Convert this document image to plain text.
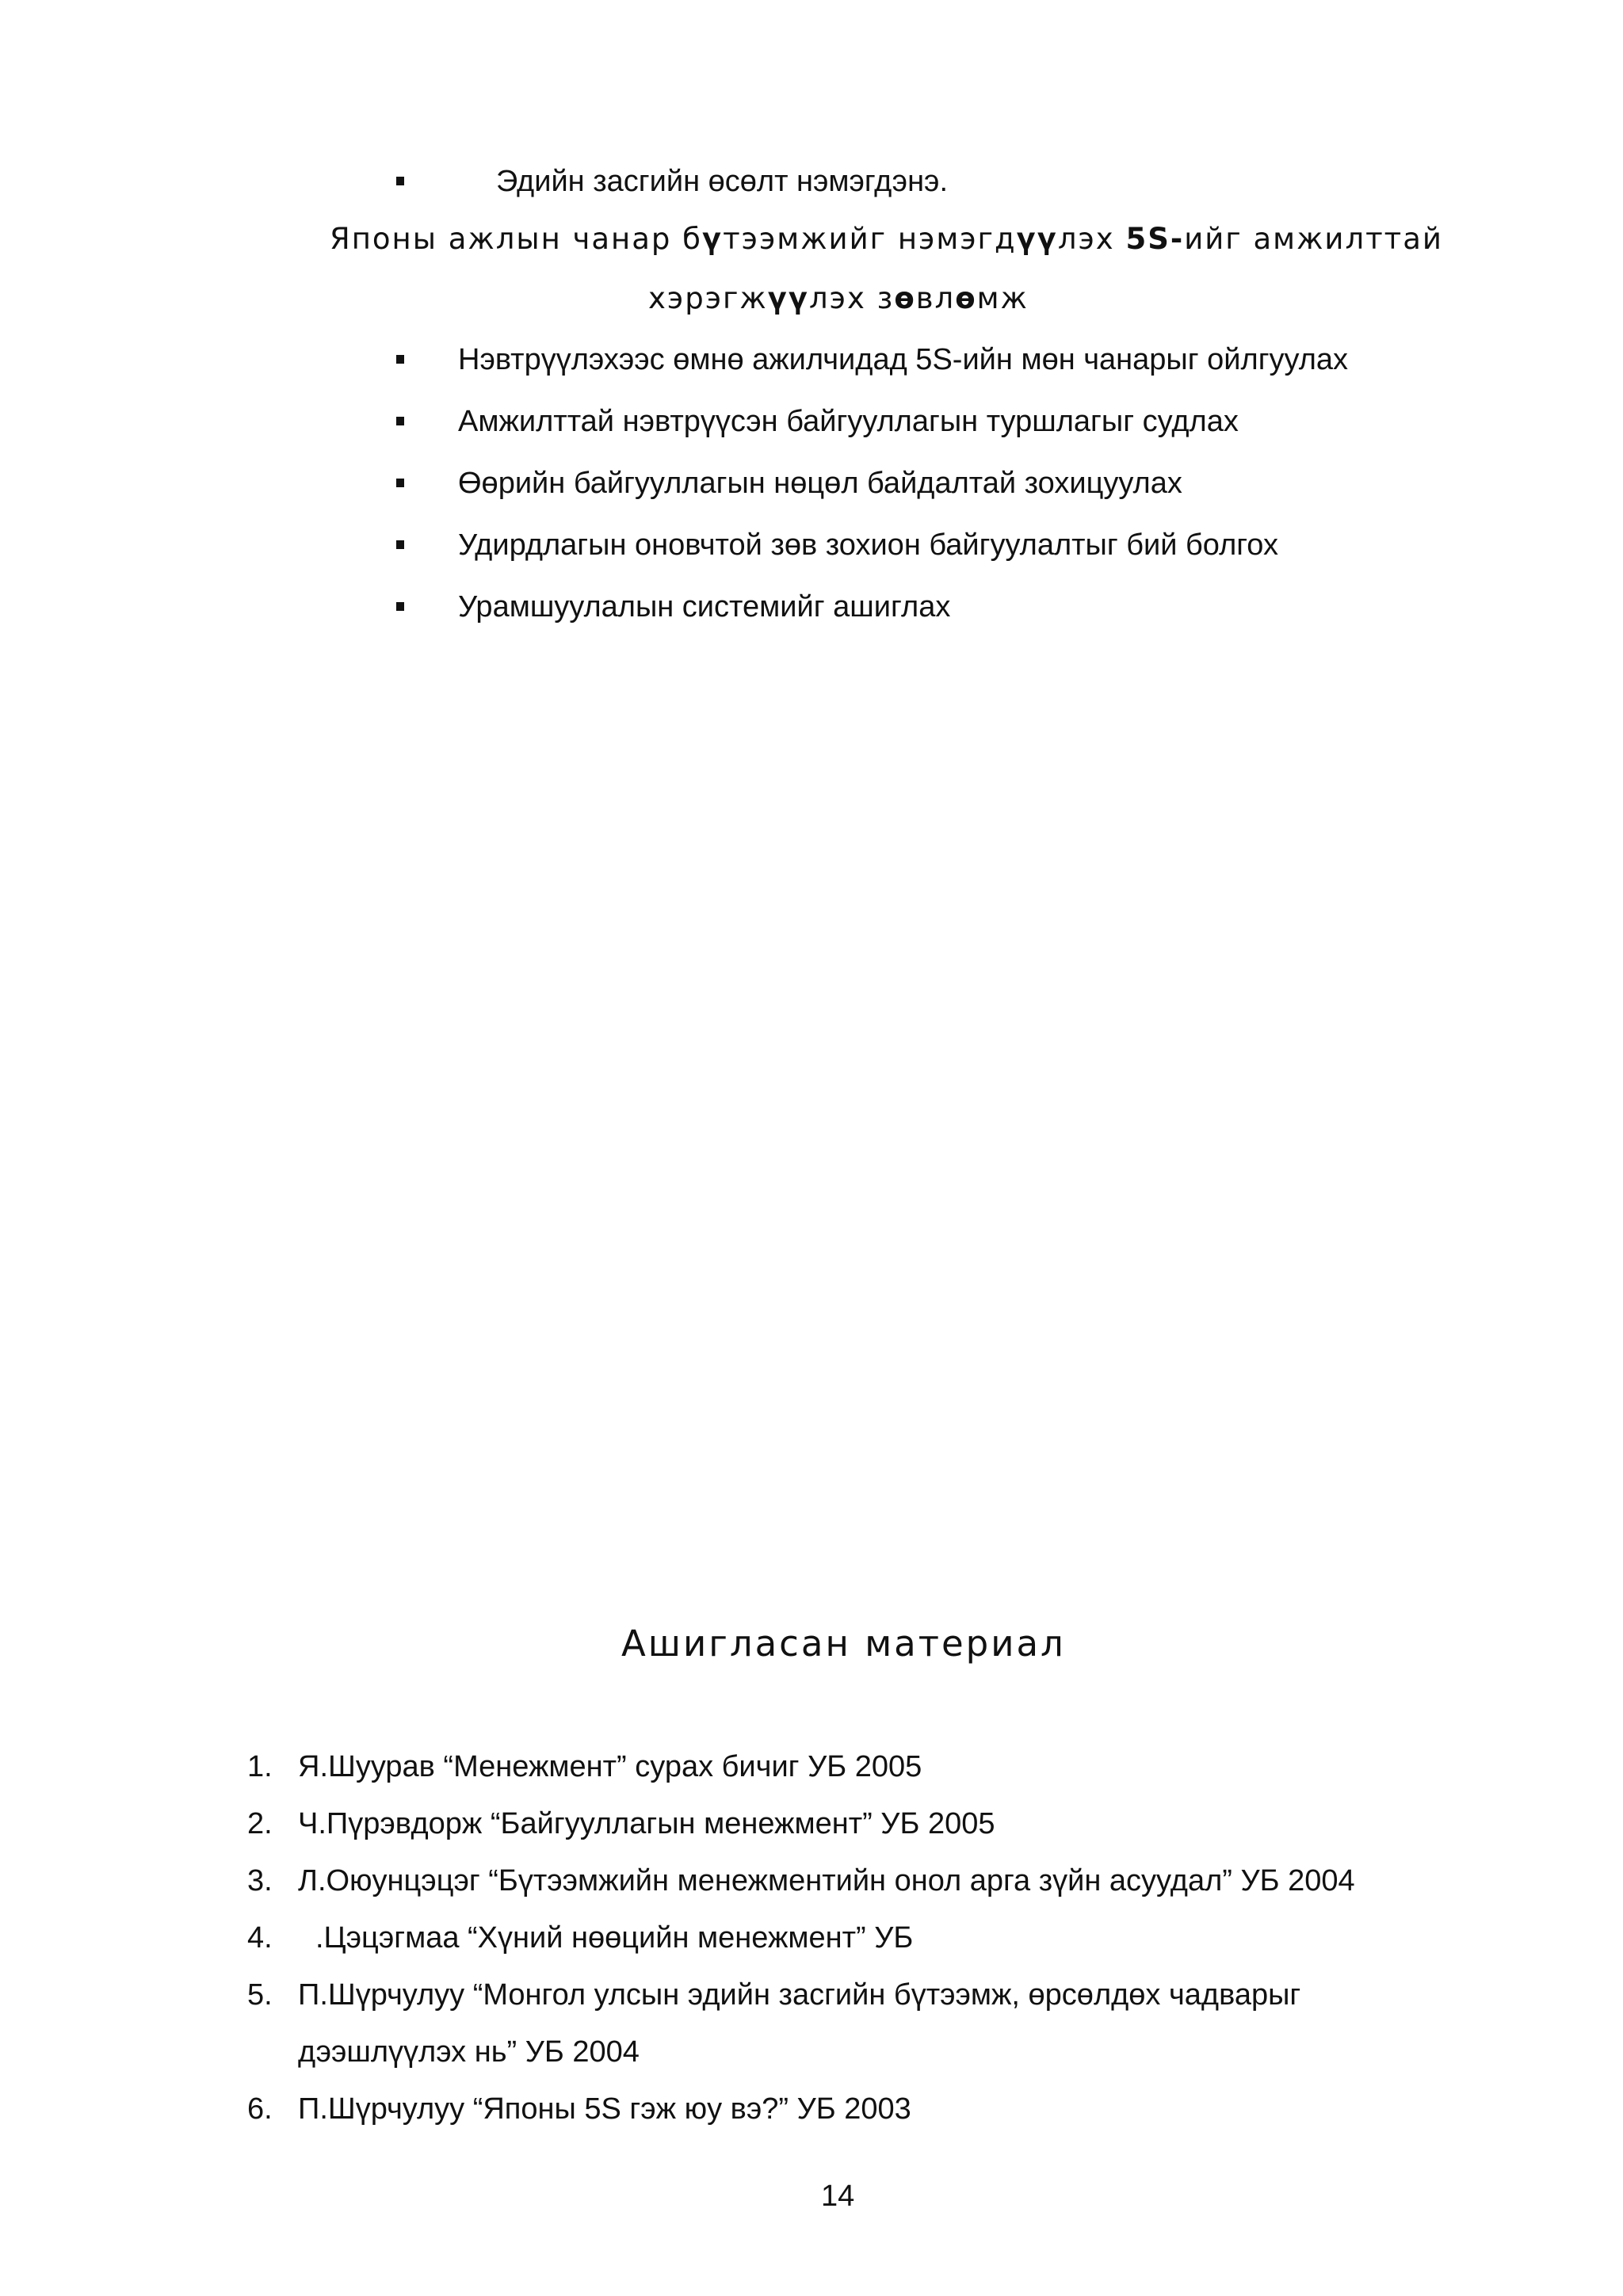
Эдийн засгийн өсөлт нэмэгдэнэ.
Японы ажлын чанар бүтээмжийг нэмэгдүүлэх 5S-ийг амжилттай
хэрэгжүүлэх зөвлөмж
Нэвтрүүлэхээс өмнө ажилчидад 5S-ийн мөн чанарыг ойлгуулах
Амжилттай нэвтрүүсэн байгууллагын туршлагыг судлах
Өөрийн байгууллагын нөцөл байдалтай зохицуулах
Удирдлагын оновчтой зөв зохион байгуулалтыг бий болгох
Урамшуулалын системийг ашиглах
Ашигласан материал
1. Я.Шуурав “Менежмент” сурах бичиг УБ 2005
2. Ч.Пүрэвдорж “Байгууллагын менежмент” УБ 2005
3. Л.Оюунцэцэг “Бүтээмжийн менежментийн онол арга зүйн асуудал” УБ 2004
4. .Цэцэгмаа “Хүний нөөцийн менежмент” УБ
5. П.Шүрчулуу “Монгол улсын эдийн засгийн бүтээмж, өрсөлдөх чадварыг
дээшлүүлэх нь” УБ 2004
6. П.Шүрчулуу “Японы 5S гэж юу вэ?” УБ 2003
14
